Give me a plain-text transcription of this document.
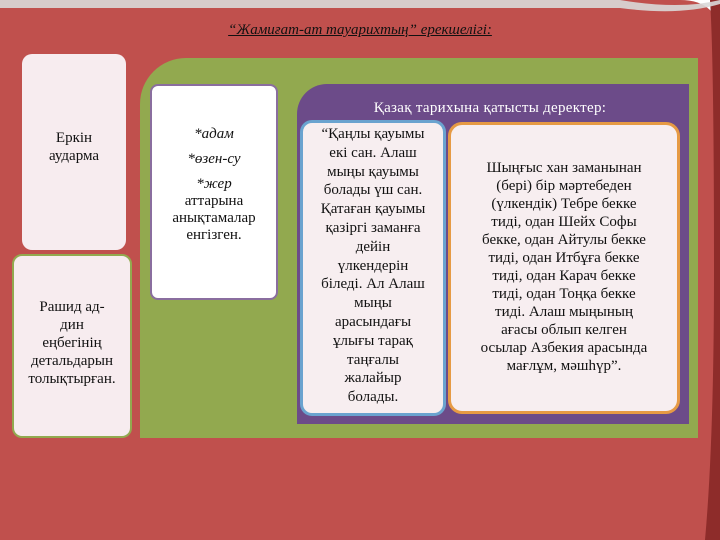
“Жамиғат-ат тауарихтың” ерекшелігі:
Еркін
аударма
Рашид ад-
дин
еңбегінің
детальдарын
толықтырған.
*адам
*өзен-су
*жер
аттарына
анықтамалар
енгізген.
Қазақ тарихына қатысты деректер:
Шыңғыс хан заманынан
(бері) бір мәртебеден
(үлкендік) Тебре бекке
тиді, одан Шейх Софы
бекке, одан Айтулы бекке
тиді, одан Итбұға бекке
тиді, одан Карач бекке
тиді, одан Тоңқа бекке
тиді. Алаш мыңының
ағасы облып келген
осылар Азбекия арасында
мағлұм, мәшһүр”.
“Қаңлы қауымы
екі сан. Алаш
мыңы қауымы
болады үш сан.
Қатаған қауымы
қазіргі заманға
дейін
үлкендерін
біледі. Ал Алаш
мыңы
арасындағы
ұлығы тарақ
таңғалы
жалайыр
болады.
